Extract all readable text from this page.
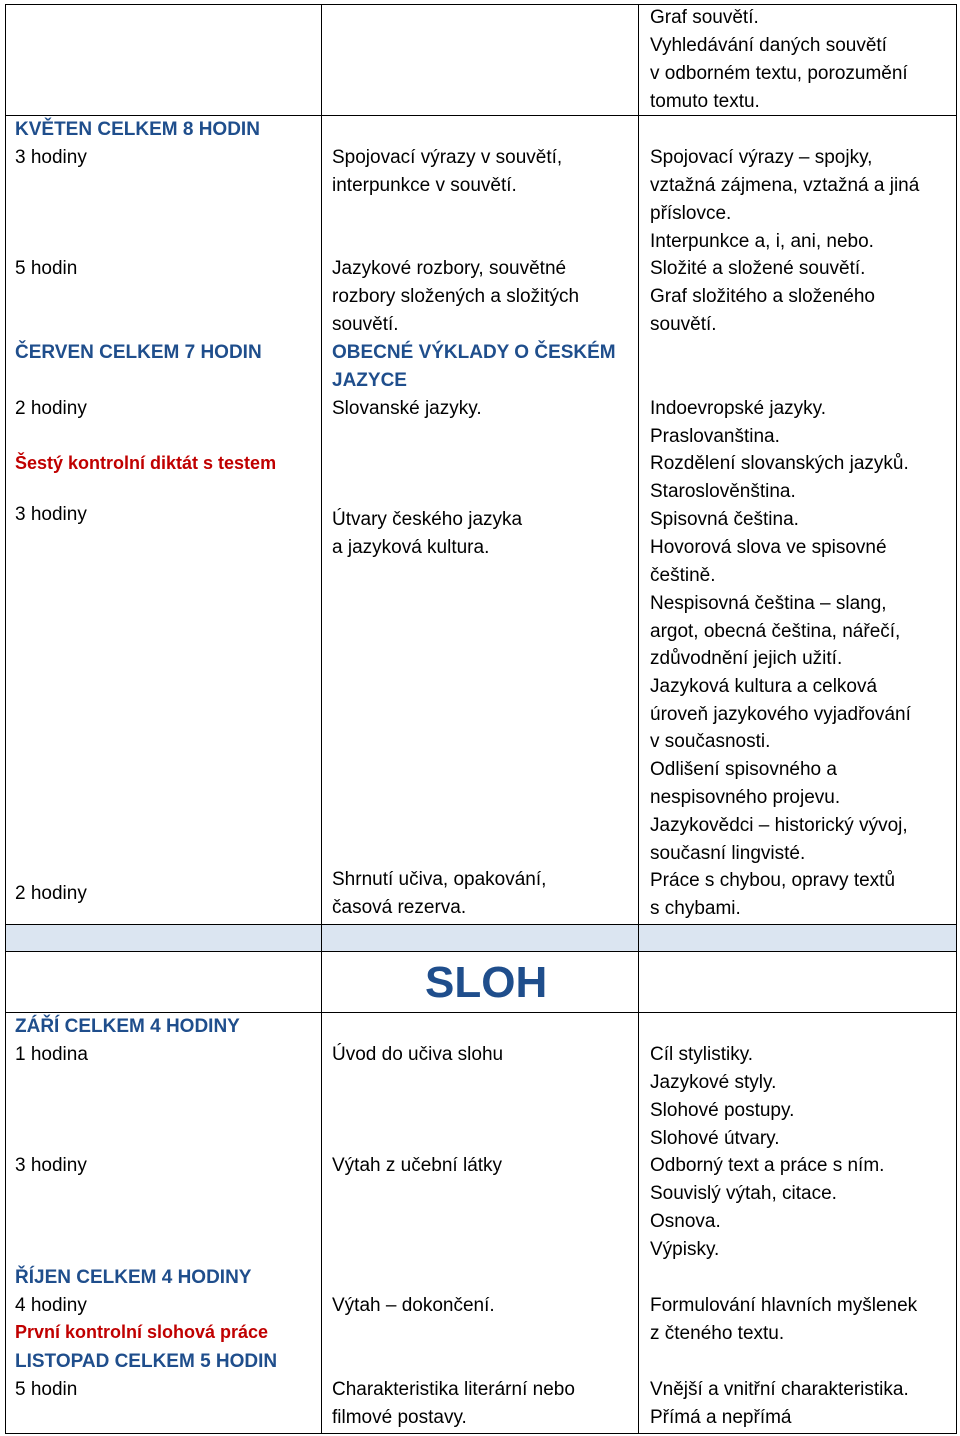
KVĚTEN CELKEM 8 HODIN
3 hodiny
5 hodin
ČERVEN CELKEM 7 HODIN
2 hodiny
Šestý kontrolní diktát s testem
3 hodiny
2 hodiny
ZÁŘÍ CELKEM 4 HODINY
1 hodina
3 hodiny
ŘÍJEN CELKEM 4 HODINY
4 hodiny
První kontrolní slohová práce
LISTOPAD CELKEM 5 HODIN
5 hodin
Spojovací výrazy v souvětí,
interpunkce v souvětí.
Jazykové rozbory, souvětné
rozbory složených a složitých
souvětí.
OBECNÉ VÝKLADY O ČESKÉM
JAZYCE
Slovanské jazyky.
Útvary českého jazyka
a jazyková kultura.
Shrnutí učiva, opakování,
časová rezerva.
SLOH
Úvod do učiva slohu
Výtah z učební látky
Výtah – dokončení.
Charakteristika literární nebo
filmové postavy.
Graf souvětí.
Vyhledávání daných souvětí
v odborném textu, porozumění
tomuto textu.
Spojovací výrazy – spojky,
vztažná zájmena, vztažná a jiná
příslovce.
Interpunkce a, i, ani, nebo.
Složité a složené souvětí.
Graf složitého a složeného
souvětí.
Indoevropské jazyky.
Praslovanština.
Rozdělení slovanských jazyků.
Staroslověnština.
Spisovná čeština.
Hovorová slova ve spisovné
češtině.
Nespisovná čeština – slang,
argot, obecná čeština, nářečí,
zdůvodnění jejich užití.
Jazyková kultura a celková
úroveň jazykového vyjadřování
v současnosti.
Odlišení spisovného a
nespisovného projevu.
Jazykovědci – historický vývoj,
současní lingvisté.
Práce s chybou, opravy textů
s chybami.
Cíl stylistiky.
Jazykové styly.
Slohové postupy.
Slohové útvary.
Odborný text a práce s ním.
Souvislý výtah, citace.
Osnova.
Výpisky.
Formulování hlavních myšlenek
z čteného textu.
Vnější a vnitřní charakteristika.
Přímá a nepřímá
